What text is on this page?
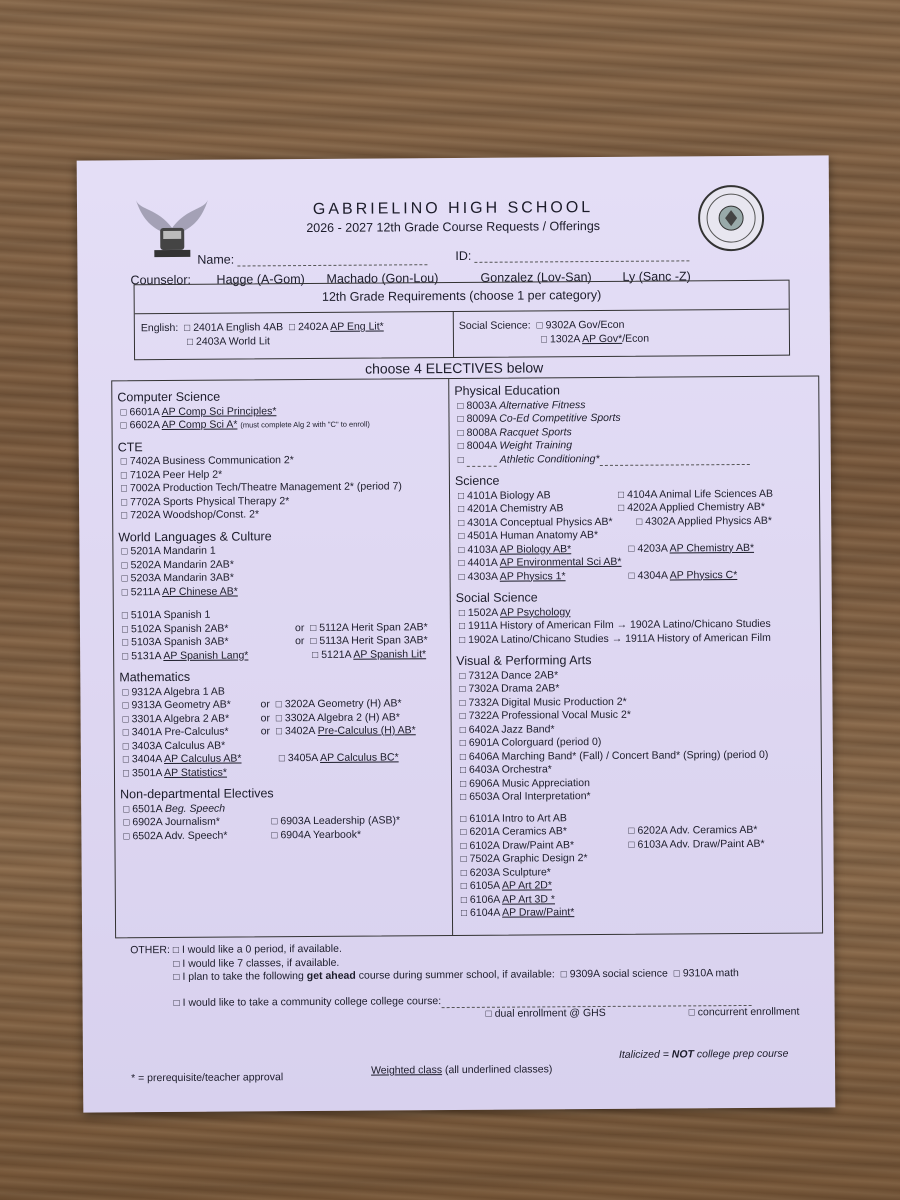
GABRIELINO HIGH SCHOOL
2026 - 2027 12th Grade Course Requests / Offerings
Name:	ID:
Counselor: Hagge (A-Gom) Machado (Gon-Lou)	Gonzalez (Lov-San) Ly (Sanc -Z)
12th Grade Requirements (choose 1 per category)
English: □ 2401A English 4AB □ 2402A AP Eng Lit*
□ 2403A World Lit
Social Science: □ 9302A Gov/Econ
□ 1302A AP Gov*/Econ
choose 4 ELECTIVES below
Computer Science
□ 6601A AP Comp Sci Principles*
□ 6602A AP Comp Sci A* (must complete Alg 2 with "C" to enroll)
CTE
□ 7402A Business Communication 2*
□ 7102A Peer Help 2*
□ 7002A Production Tech/Theatre Management 2* (period 7)
□ 7702A Sports Physical Therapy 2*
□ 7202A Woodshop/Const. 2*
World Languages & Culture
□ 5201A Mandarin 1
□ 5202A Mandarin 2AB*
□ 5203A Mandarin 3AB*
□ 5211A AP Chinese AB*
□ 5101A Spanish 1
□ 5102A Spanish 2AB*	or □ 5112A Herit Span 2AB*
□ 5103A Spanish 3AB*	or □ 5113A Herit Span 3AB*
□ 5131A AP Spanish Lang*	□ 5121A AP Spanish Lit*
Mathematics
□ 9312A Algebra 1 AB
□ 9313A Geometry AB*	or □ 3202A Geometry (H) AB*
□ 3301A Algebra 2 AB*	or □ 3302A Algebra 2 (H) AB*
□ 3401A Pre-Calculus*	or □ 3402A Pre-Calculus (H) AB*
□ 3403A Calculus AB*
□ 3404A AP Calculus AB*	□ 3405A AP Calculus BC*
□ 3501A AP Statistics*
Non-departmental Electives
□ 6501A Beg. Speech
□ 6902A Journalism*	□ 6903A Leadership (ASB)*
□ 6502A Adv. Speech*	□ 6904A Yearbook*
Physical Education
□ 8003A Alternative Fitness
□ 8009A Co-Ed Competitive Sports
□ 8008A Racquet Sports
□ 8004A Weight Training
□	Athletic Conditioning*
Science
□ 4101A Biology AB	□ 4104A Animal Life Sciences AB
□ 4201A Chemistry AB	□ 4202A Applied Chemistry AB*
□ 4301A Conceptual Physics AB*	□ 4302A Applied Physics AB*
□ 4501A Human Anatomy AB*
□ 4103A AP Biology AB*	□ 4203A AP Chemistry AB*
□ 4401A AP Environmental Sci AB*
□ 4303A AP Physics 1*	□ 4304A AP Physics C*
Social Science
□ 1502A AP Psychology
□ 1911A History of American Film → 1902A Latino/Chicano Studies
□ 1902A Latino/Chicano Studies → 1911A History of American Film
Visual & Performing Arts
□ 7312A Dance 2AB*
□ 7302A Drama 2AB*
□ 7332A Digital Music Production 2*
□ 7322A Professional Vocal Music 2*
□ 6402A Jazz Band*
□ 6901A Colorguard (period 0)
□ 6406A Marching Band* (Fall) / Concert Band* (Spring) (period 0)
□ 6403A Orchestra*
□ 6906A Music Appreciation
□ 6503A Oral Interpretation*
□ 6101A Intro to Art AB
□ 6201A Ceramics AB*	□ 6202A Adv. Ceramics AB*
□ 6102A Draw/Paint AB*	□ 6103A Adv. Draw/Paint AB*
□ 7502A Graphic Design 2*
□ 6203A Sculpture*
□ 6105A AP Art 2D*
□ 6106A AP Art 3D *
□ 6104A AP Draw/Paint*
OTHER: □ I would like a 0 period, if available.
□ I would like 7 classes, if available.
□ I plan to take the following get ahead course during summer school, if available: □ 9309A social science □ 9310A math
□ I would like to take a community college college course:
□ dual enrollment @ GHS	□ concurrent enrollment
* = prerequisite/teacher approval
Weighted class (all underlined classes)
Italicized = NOT college prep course
